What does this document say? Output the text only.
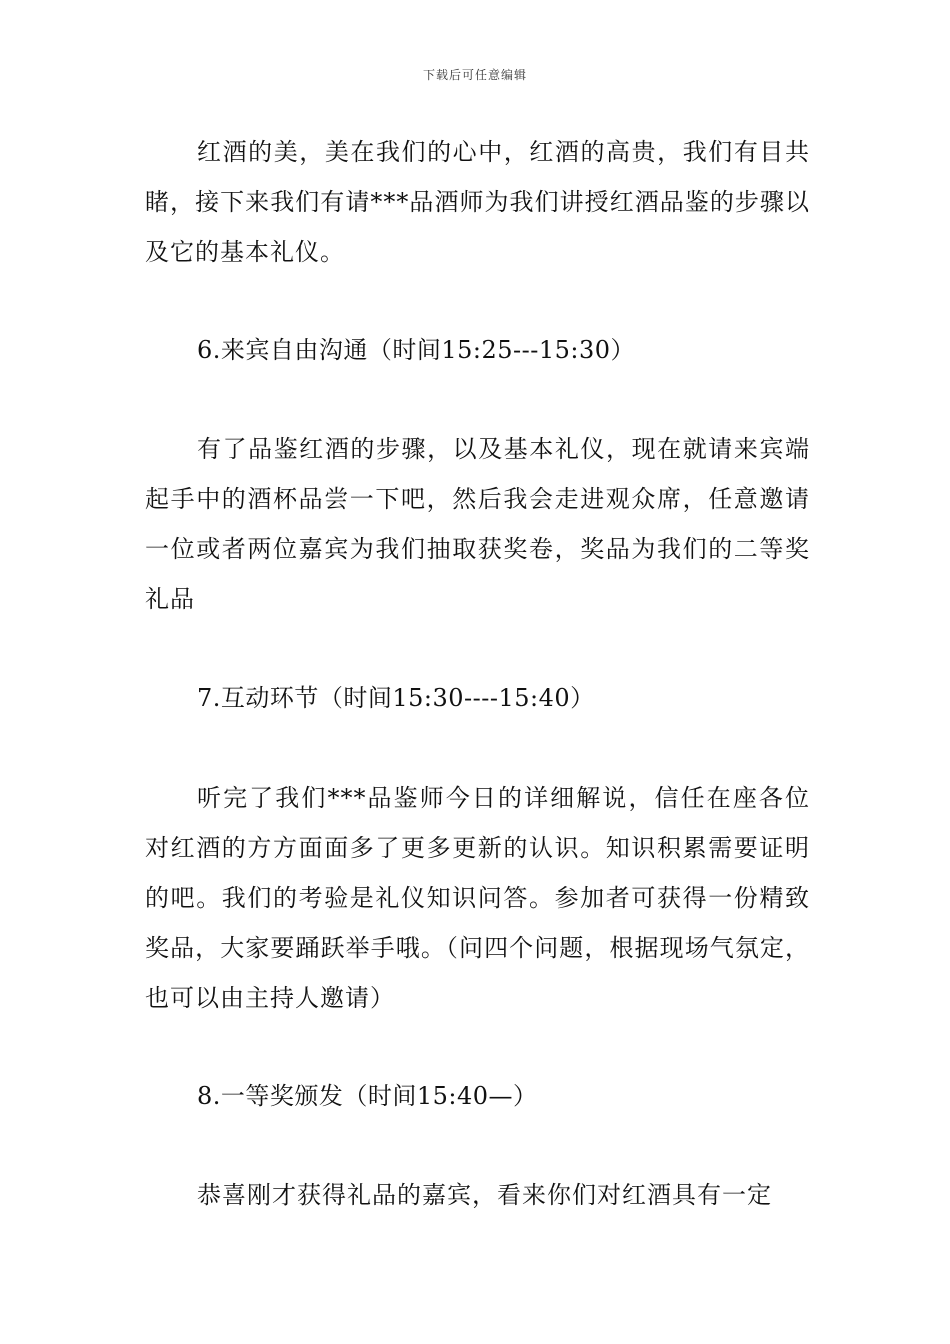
下载后可任意编辑

红酒的美，美在我们的心中，红酒的高贵，我们有目共睹，接下来我们有请***品酒师为我们讲授红酒品鉴的步骤以及它的基本礼仪。

6.来宾自由沟通（时间15:25---15:30）

有了品鉴红酒的步骤，以及基本礼仪，现在就请来宾端起手中的酒杯品尝一下吧，然后我会走进观众席，任意邀请一位或者两位嘉宾为我们抽取获奖卷，奖品为我们的二等奖礼品

7.互动环节（时间15:30----15:40）

听完了我们***品鉴师今日的详细解说，信任在座各位对红酒的方方面面多了更多更新的认识。知识积累需要证明的吧。我们的考验是礼仪知识问答。参加者可获得一份精致奖品，大家要踊跃举手哦。（问四个问题，根据现场气氛定，也可以由主持人邀请）

8.一等奖颁发（时间15:40—）

恭喜刚才获得礼品的嘉宾，看来你们对红酒具有一定
